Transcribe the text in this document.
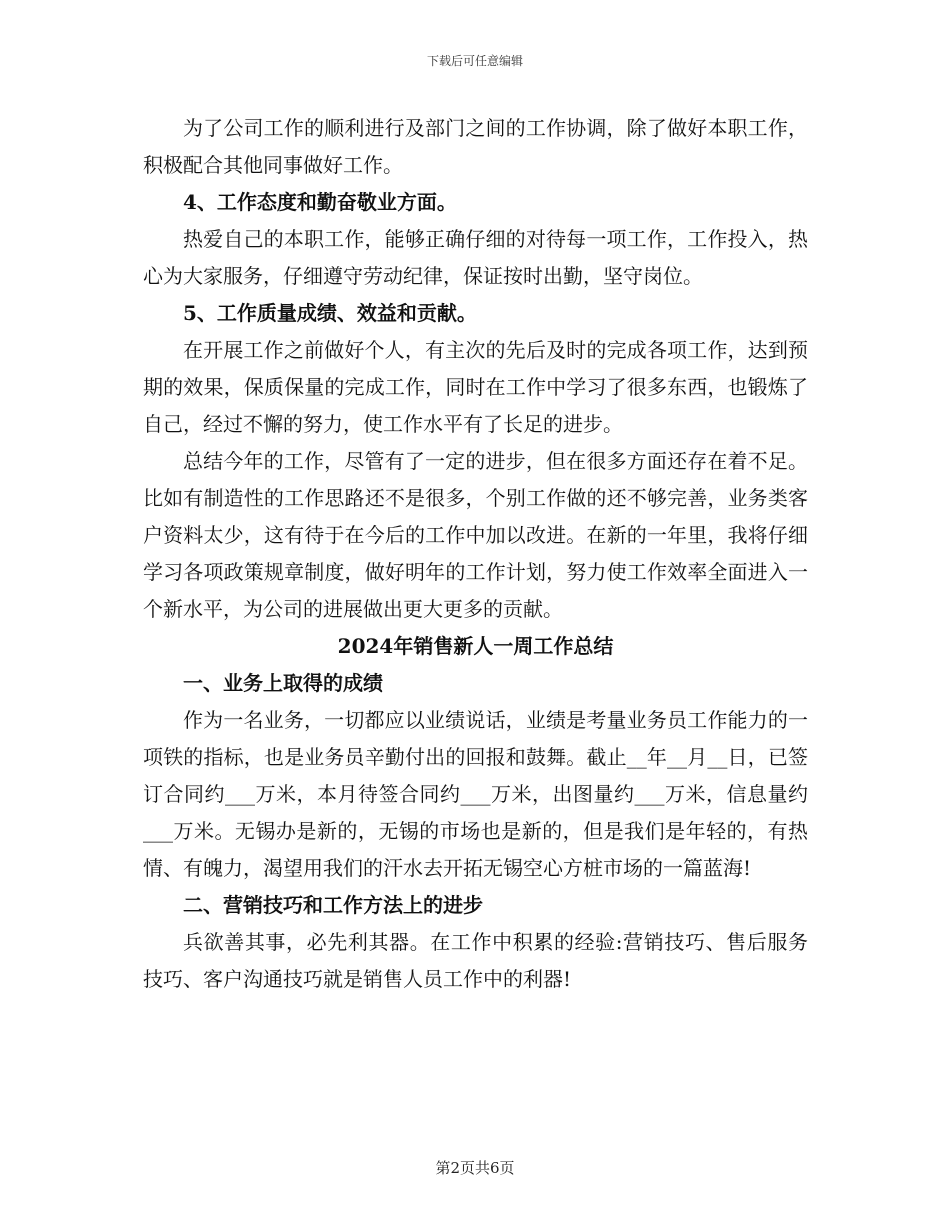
下载后可任意编辑

为了公司工作的顺利进行及部门之间的工作协调，除了做好本职工作，积极配合其他同事做好工作。

4、工作态度和勤奋敬业方面。

热爱自己的本职工作，能够正确仔细的对待每一项工作，工作投入，热心为大家服务，仔细遵守劳动纪律，保证按时出勤，坚守岗位。

5、工作质量成绩、效益和贡献。

在开展工作之前做好个人，有主次的先后及时的完成各项工作，达到预期的效果，保质保量的完成工作，同时在工作中学习了很多东西，也锻炼了自己，经过不懈的努力，使工作水平有了长足的进步。

总结今年的工作，尽管有了一定的进步，但在很多方面还存在着不足。比如有制造性的工作思路还不是很多，个别工作做的还不够完善，业务类客户资料太少，这有待于在今后的工作中加以改进。在新的一年里，我将仔细学习各项政策规章制度，做好明年的工作计划，努力使工作效率全面进入一个新水平，为公司的进展做出更大更多的贡献。

2024年销售新人一周工作总结

一、业务上取得的成绩

作为一名业务，一切都应以业绩说话，业绩是考量业务员工作能力的一项铁的指标，也是业务员辛勤付出的回报和鼓舞。截止__年__月__日，已签订合同约___万米，本月待签合同约___万米，出图量约___万米，信息量约___万米。无锡办是新的，无锡的市场也是新的，但是我们是年轻的，有热情、有魄力，渴望用我们的汗水去开拓无锡空心方桩市场的一篇蓝海!

二、营销技巧和工作方法上的进步

兵欲善其事，必先利其器。在工作中积累的经验:营销技巧、售后服务技巧、客户沟通技巧就是销售人员工作中的利器!

第2页共6页
